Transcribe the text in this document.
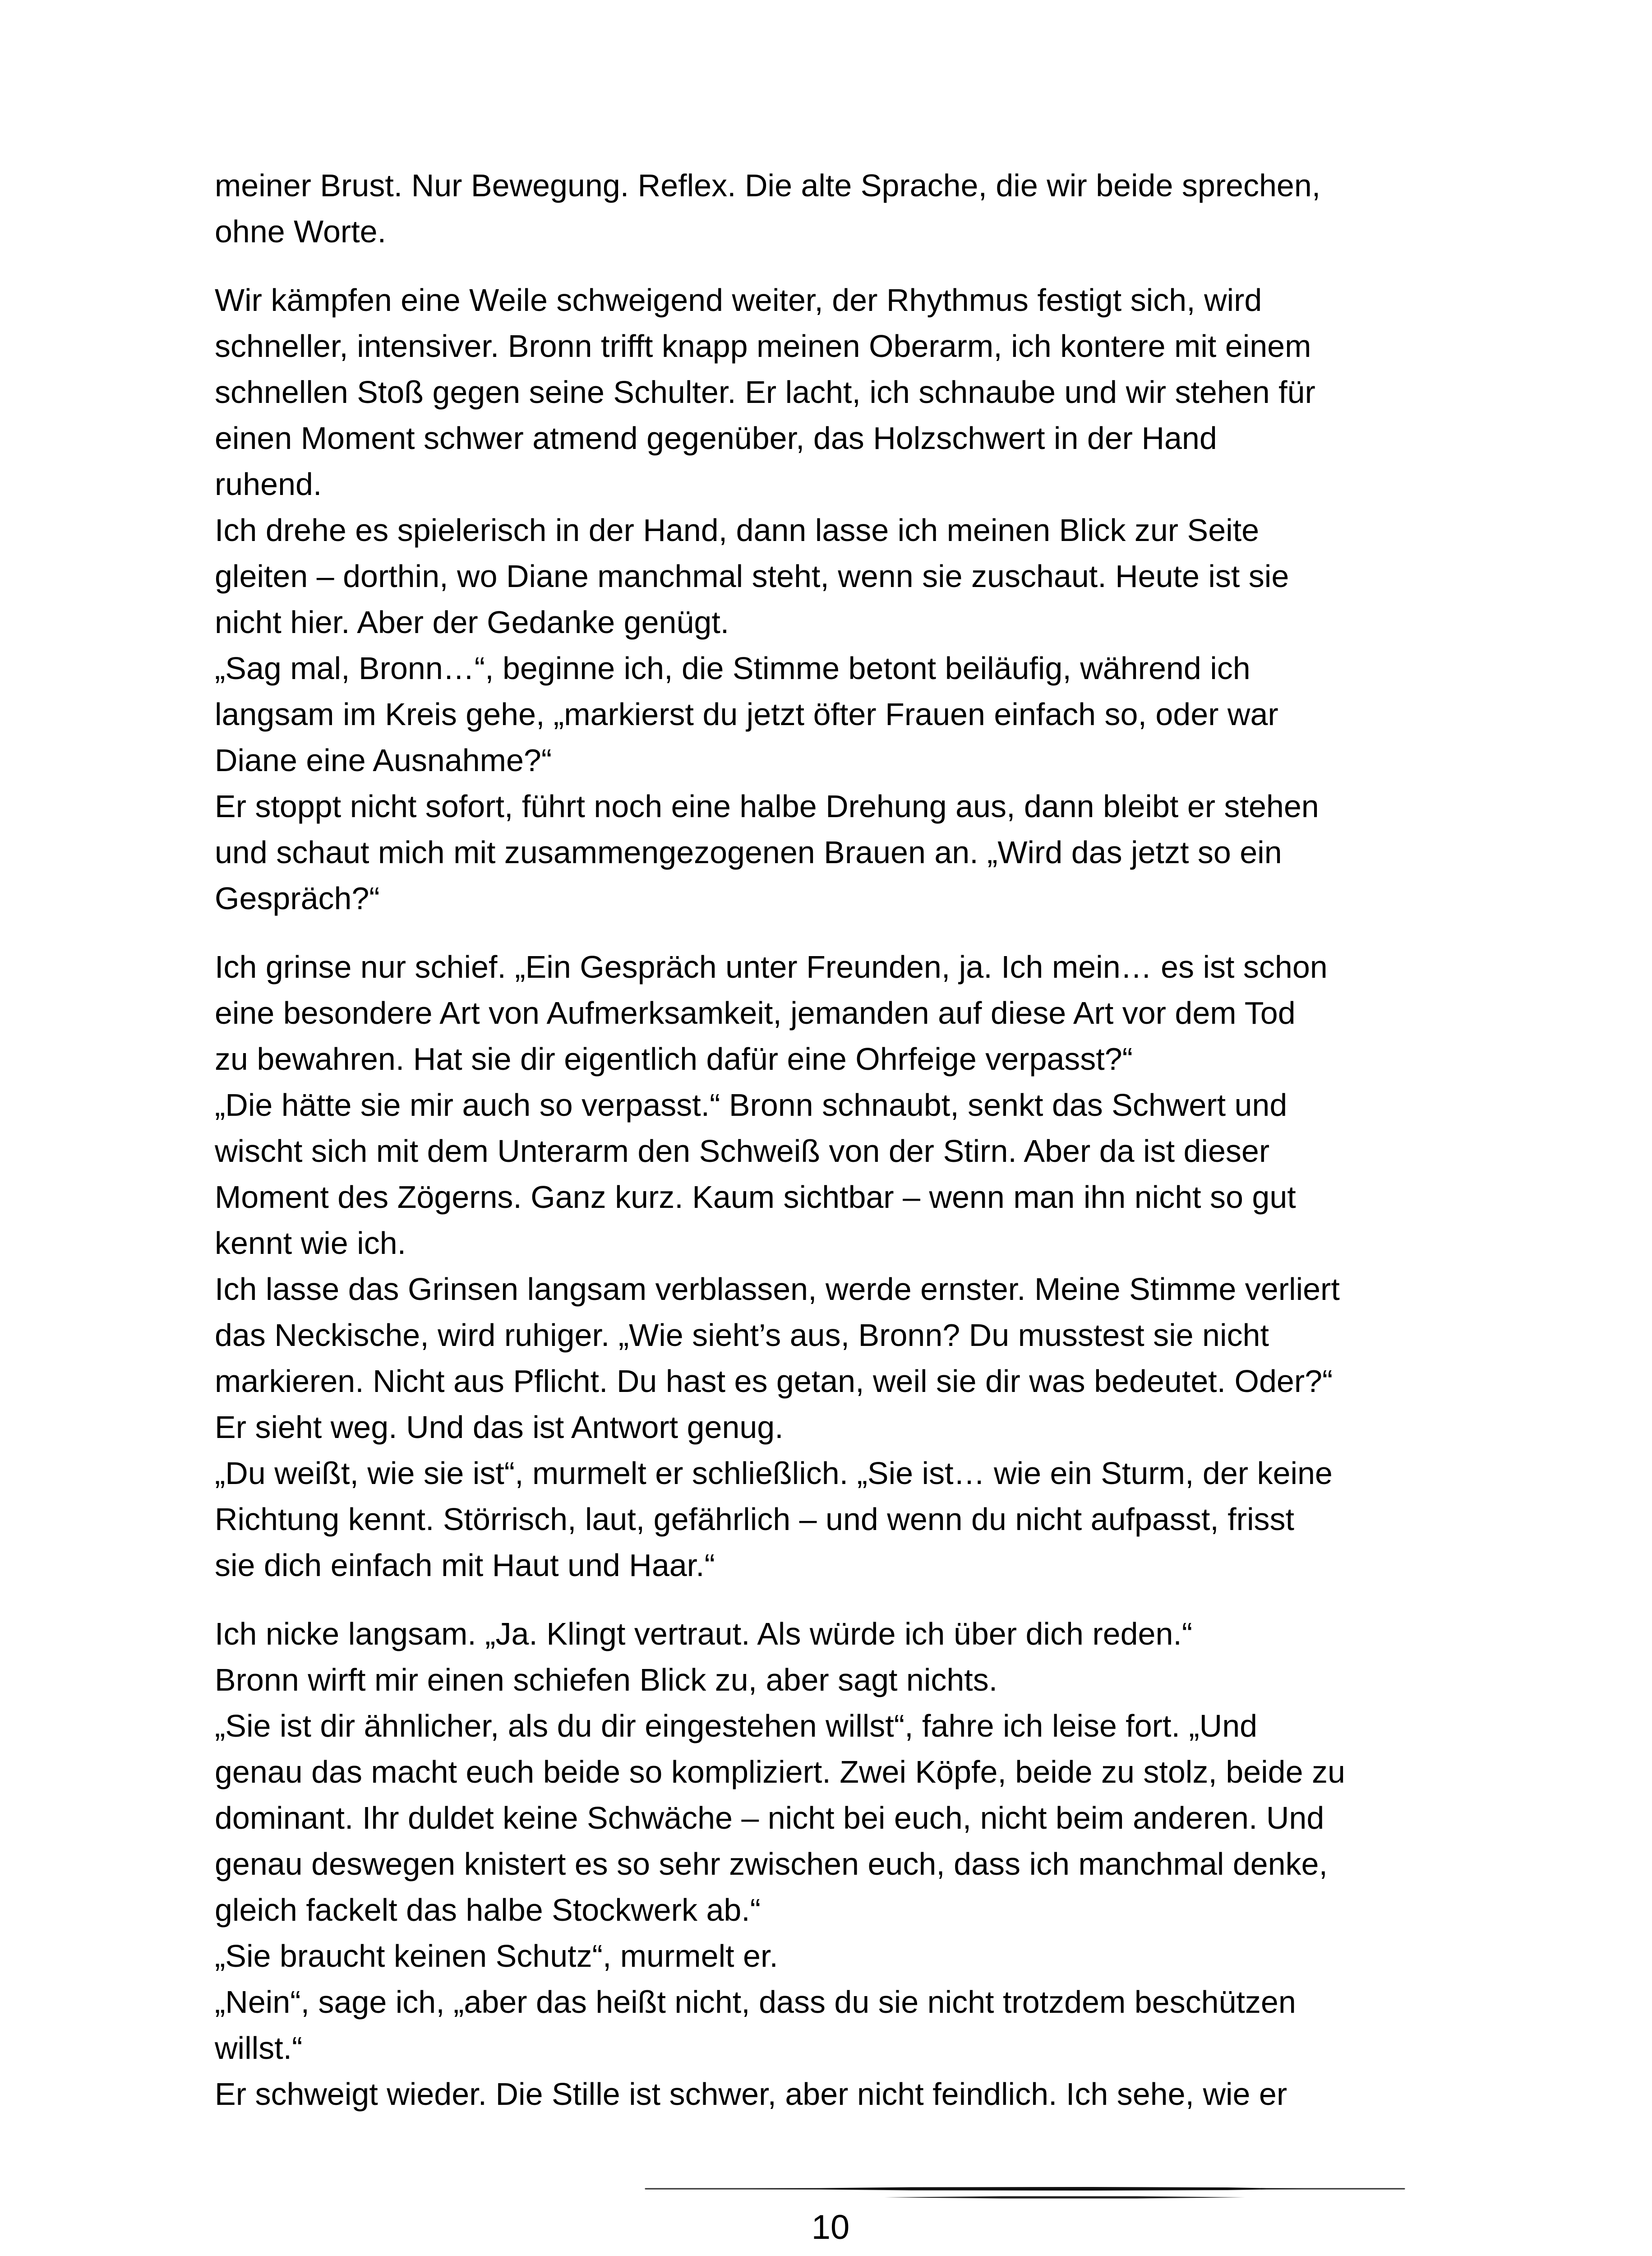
meiner Brust. Nur Bewegung. Reflex. Die alte Sprache, die wir beide sprechen,
ohne Worte.
Wir kämpfen eine Weile schweigend weiter, der Rhythmus festigt sich, wird
schneller, intensiver. Bronn trifft knapp meinen Oberarm, ich kontere mit einem
schnellen Stoß gegen seine Schulter. Er lacht, ich schnaube und wir stehen für
einen Moment schwer atmend gegenüber, das Holzschwert in der Hand
ruhend.
Ich drehe es spielerisch in der Hand, dann lasse ich meinen Blick zur Seite
gleiten – dorthin, wo Diane manchmal steht, wenn sie zuschaut. Heute ist sie
nicht hier. Aber der Gedanke genügt.
„Sag mal, Bronn…“, beginne ich, die Stimme betont beiläufig, während ich
langsam im Kreis gehe, „markierst du jetzt öfter Frauen einfach so, oder war
Diane eine Ausnahme?“
Er stoppt nicht sofort, führt noch eine halbe Drehung aus, dann bleibt er stehen
und schaut mich mit zusammengezogenen Brauen an. „Wird das jetzt so ein
Gespräch?“
Ich grinse nur schief. „Ein Gespräch unter Freunden, ja. Ich mein… es ist schon
eine besondere Art von Aufmerksamkeit, jemanden auf diese Art vor dem Tod
zu bewahren. Hat sie dir eigentlich dafür eine Ohrfeige verpasst?“
„Die hätte sie mir auch so verpasst.“ Bronn schnaubt, senkt das Schwert und
wischt sich mit dem Unterarm den Schweiß von der Stirn. Aber da ist dieser
Moment des Zögerns. Ganz kurz. Kaum sichtbar – wenn man ihn nicht so gut
kennt wie ich.
Ich lasse das Grinsen langsam verblassen, werde ernster. Meine Stimme verliert
das Neckische, wird ruhiger. „Wie sieht’s aus, Bronn? Du musstest sie nicht
markieren. Nicht aus Pflicht. Du hast es getan, weil sie dir was bedeutet. Oder?“
Er sieht weg. Und das ist Antwort genug.
„Du weißt, wie sie ist“, murmelt er schließlich. „Sie ist… wie ein Sturm, der keine
Richtung kennt. Störrisch, laut, gefährlich – und wenn du nicht aufpasst, frisst
sie dich einfach mit Haut und Haar.“
Ich nicke langsam. „Ja. Klingt vertraut. Als würde ich über dich reden.“
Bronn wirft mir einen schiefen Blick zu, aber sagt nichts.
„Sie ist dir ähnlicher, als du dir eingestehen willst“, fahre ich leise fort. „Und
genau das macht euch beide so kompliziert. Zwei Köpfe, beide zu stolz, beide zu
dominant. Ihr duldet keine Schwäche – nicht bei euch, nicht beim anderen. Und
genau deswegen knistert es so sehr zwischen euch, dass ich manchmal denke,
gleich fackelt das halbe Stockwerk ab.“
„Sie braucht keinen Schutz“, murmelt er.
„Nein“, sage ich, „aber das heißt nicht, dass du sie nicht trotzdem beschützen
willst.“
Er schweigt wieder. Die Stille ist schwer, aber nicht feindlich. Ich sehe, wie er
10
